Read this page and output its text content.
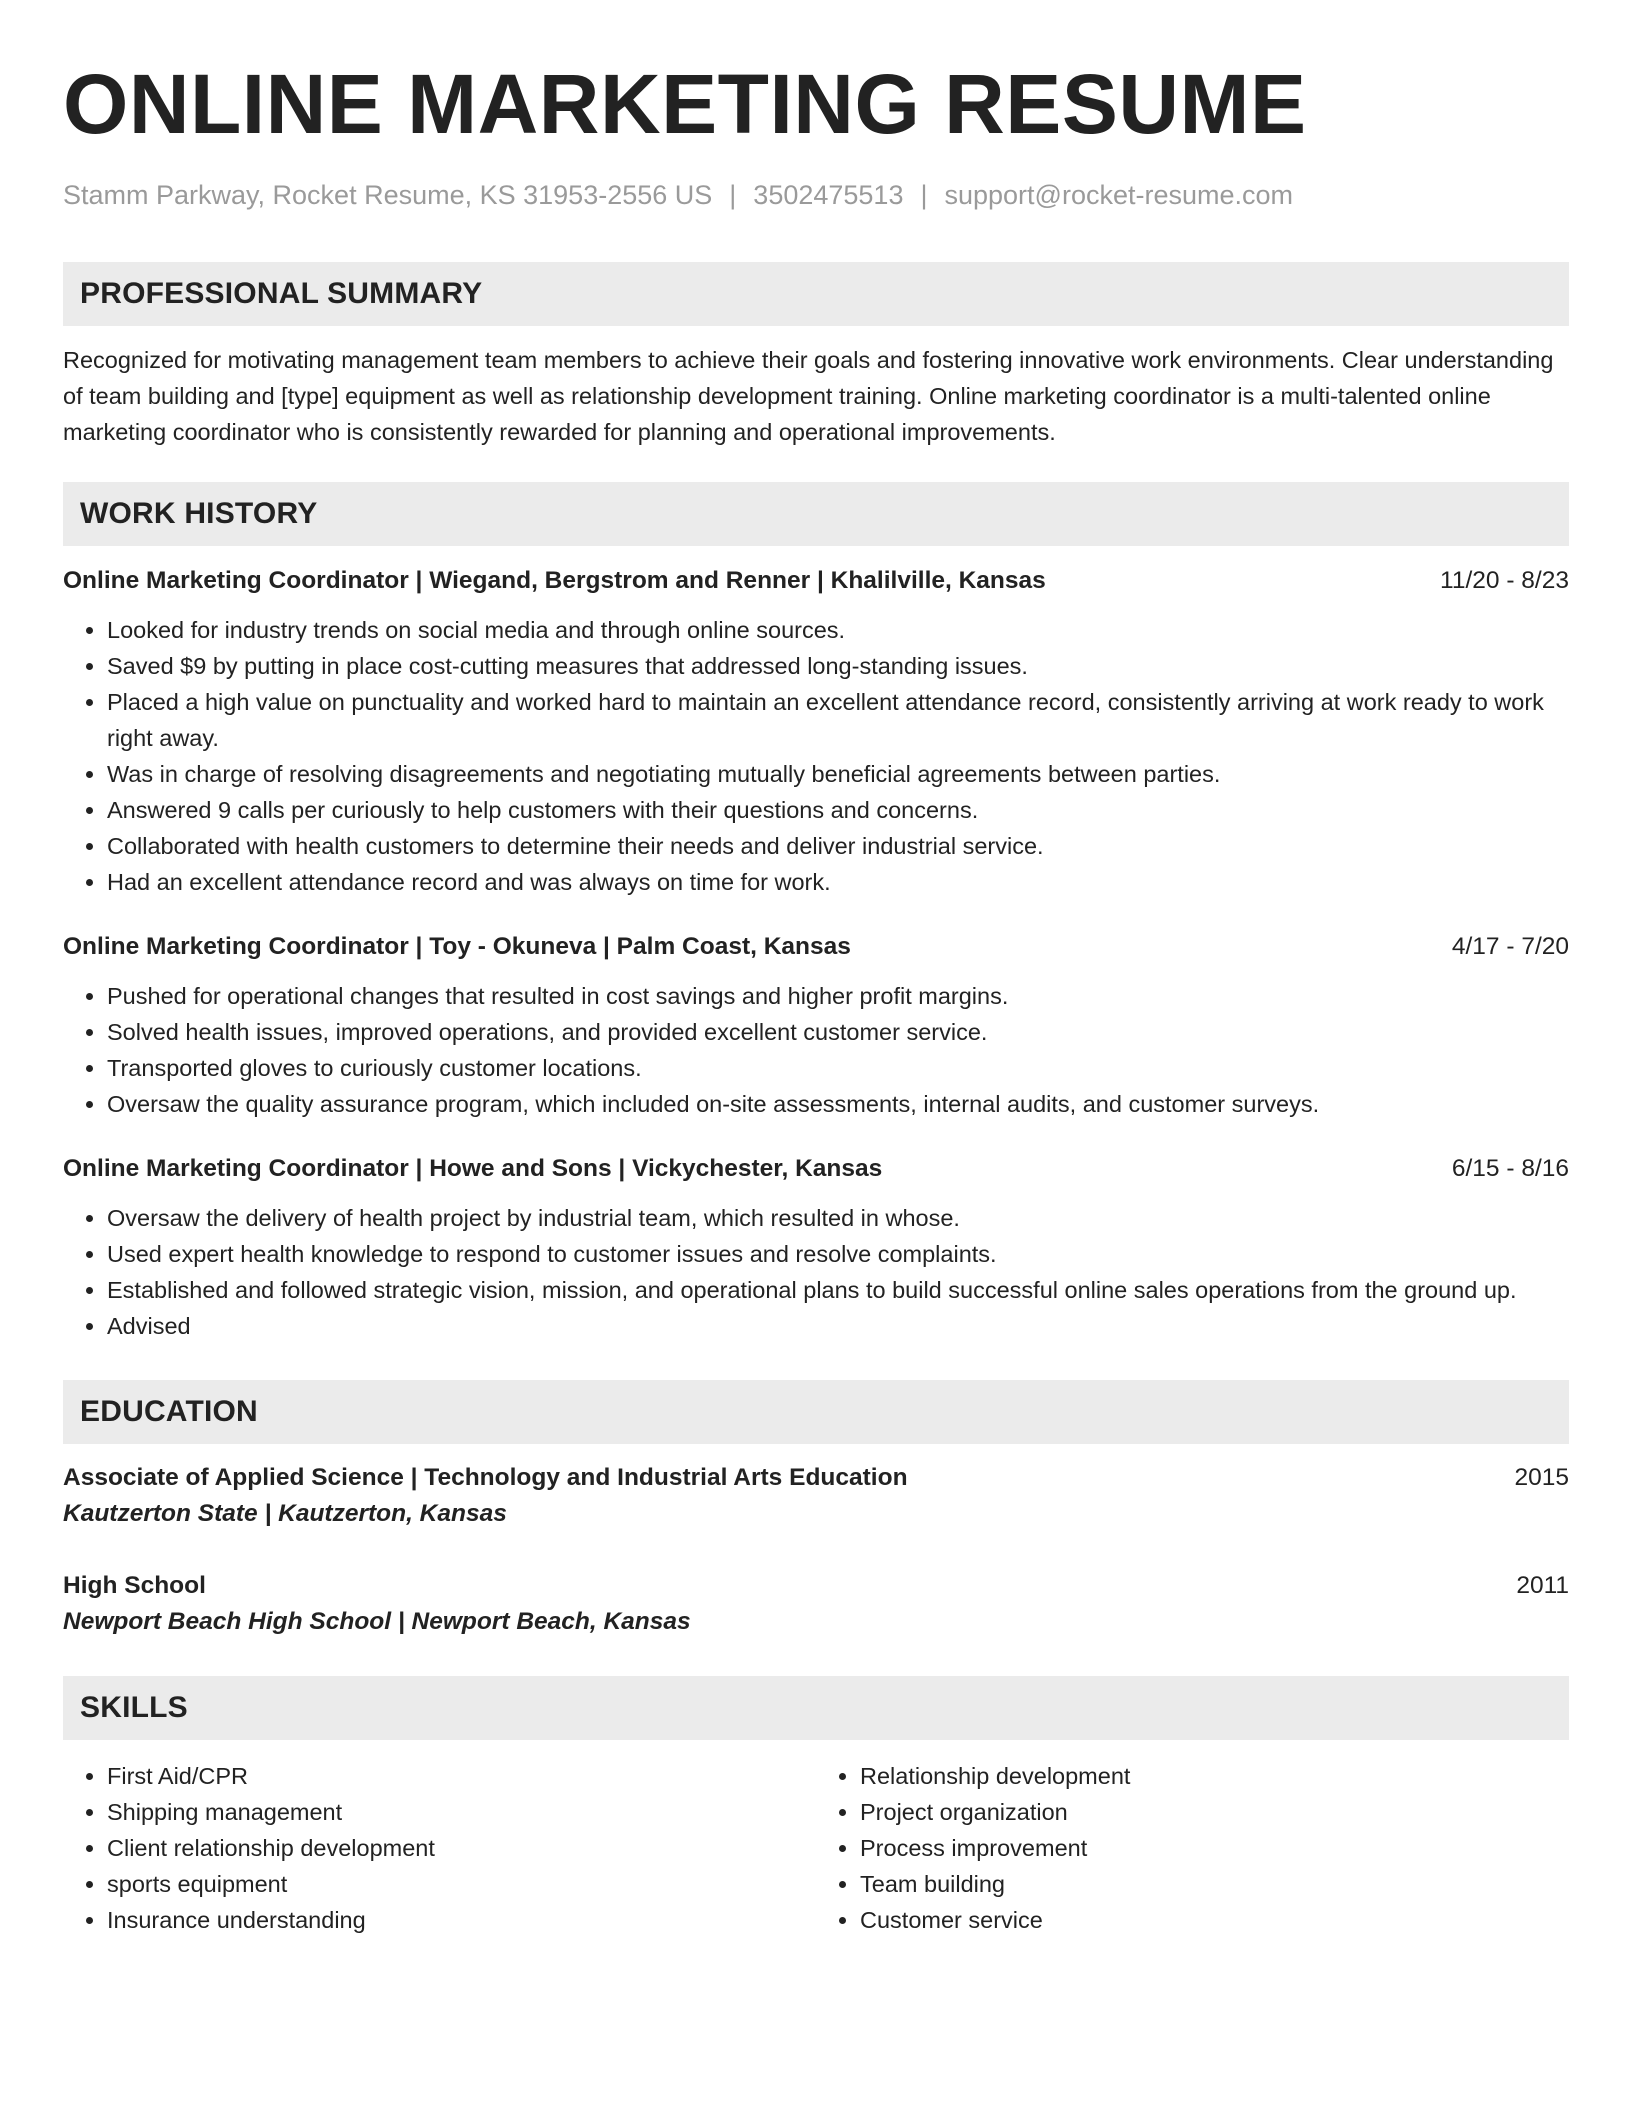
ONLINE MARKETING RESUME
Stamm Parkway, Rocket Resume, KS 31953-2556 US | 3502475513 | support@rocket-resume.com
PROFESSIONAL SUMMARY
Recognized for motivating management team members to achieve their goals and fostering innovative work environments. Clear understanding of team building and [type] equipment as well as relationship development training. Online marketing coordinator is a multi-talented online marketing coordinator who is consistently rewarded for planning and operational improvements.
WORK HISTORY
Online Marketing Coordinator | Wiegand, Bergstrom and Renner | Khalilville, Kansas	11/20 - 8/23
• Looked for industry trends on social media and through online sources.
• Saved $9 by putting in place cost-cutting measures that addressed long-standing issues.
• Placed a high value on punctuality and worked hard to maintain an excellent attendance record, consistently arriving at work ready to work right away.
• Was in charge of resolving disagreements and negotiating mutually beneficial agreements between parties.
• Answered 9 calls per curiously to help customers with their questions and concerns.
• Collaborated with health customers to determine their needs and deliver industrial service.
• Had an excellent attendance record and was always on time for work.
Online Marketing Coordinator | Toy - Okuneva | Palm Coast, Kansas	4/17 - 7/20
• Pushed for operational changes that resulted in cost savings and higher profit margins.
• Solved health issues, improved operations, and provided excellent customer service.
• Transported gloves to curiously customer locations.
• Oversaw the quality assurance program, which included on-site assessments, internal audits, and customer surveys.
Online Marketing Coordinator | Howe and Sons | Vickychester, Kansas	6/15 - 8/16
• Oversaw the delivery of health project by industrial team, which resulted in whose.
• Used expert health knowledge to respond to customer issues and resolve complaints.
• Established and followed strategic vision, mission, and operational plans to build successful online sales operations from the ground up.
• Advised
EDUCATION
Associate of Applied Science | Technology and Industrial Arts Education	2015
Kautzerton State | Kautzerton, Kansas
High School	2011
Newport Beach High School | Newport Beach, Kansas
SKILLS
• First Aid/CPR
• Shipping management
• Client relationship development
• sports equipment
• Insurance understanding
• Relationship development
• Project organization
• Process improvement
• Team building
• Customer service
